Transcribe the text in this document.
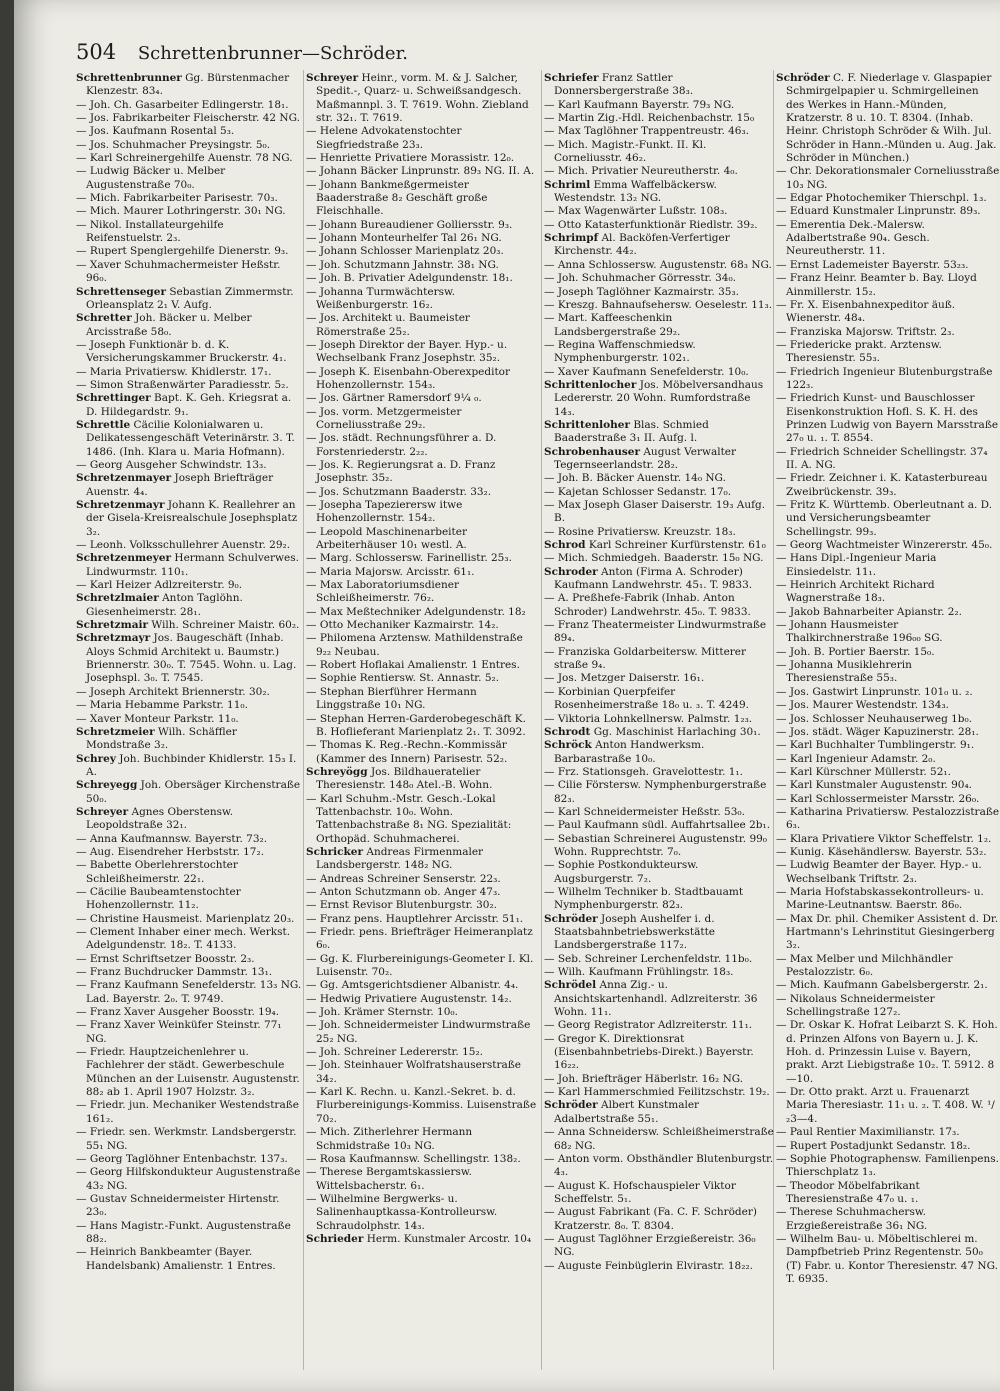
504 Schrettenbrunner—Schröder.

Schrettenbrunner Gg. Bürstenmacher Klenzestr. 83₄.

— Joh. Ch. Gasarbeiter Edlingerstr. 18₁.

— Jos. Fabrikarbeiter Fleischerstr. 42 NG.

— Jos. Kaufmann Rosental 5₃.

— Jos. Schuhmacher Preysingstr. 5₀.

— Karl Schreinergehilfe Auenstr. 78 NG.

— Ludwig Bäcker u. Melber Augustenstraße 70₀.

— Mich. Fabrikarbeiter Parisestr. 70₃.

— Mich. Maurer Lothringerstr. 30₁ NG.

— Nikol. Installateurgehilfe Reifenstuelstr. 2₃.

— Rupert Spenglergehilfe Dienerstr. 9₃.

— Xaver Schuhmachermeister Heßstr. 96₀.

Schrettenseger Sebastian Zimmermstr. Orleansplatz 2₁ V. Aufg.

Schretter Joh. Bäcker u. Melber Arcisstraße 58₀.

— Joseph Funktionär b. d. K. Versicherungskammer Bruckerstr. 4₁.

— Maria Privatiersw. Khidlerstr. 17₁.

— Simon Straßenwärter Paradiesstr. 5₂.

Schrettinger Bapt. K. Geh. Kriegsrat a. D. Hildegardstr. 9₁.

Schrettle Cäcilie Kolonialwaren u. Delikatessengeschäft Veterinärstr. 3. T. 1486. (Inh. Klara u. Maria Hofmann).

— Georg Ausgeher Schwindstr. 13₃.

Schretzenmayer Joseph Briefträger Auenstr. 4₄.

Schretzenmayr Johann K. Reallehrer an der Gisela-Kreisrealschule Josephsplatz 3₂.

— Leonh. Volksschullehrer Auenstr. 29₂.

Schretzenmeyer Hermann Schulverwes. Lindwurmstr. 110₁.

— Karl Heizer Adlzreiterstr. 9₀.

Schretzlmaier Anton Taglöhn. Giesenheimerstr. 28₁.

Schretzmair Wilh. Schreiner Maistr. 60₂.

Schretzmayr Jos. Baugeschäft (Inhab. Aloys Schmid Architekt u. Baumstr.) Briennerstr. 30₀. T. 7545. Wohn. u. Lag. Josephspl. 3₀. T. 7545.

— Joseph Architekt Briennerstr. 30₂.

— Maria Hebamme Parkstr. 11₀.

— Xaver Monteur Parkstr. 11₀.

Schretzmeier Wilh. Schäffler Mondstraße 3₂.

Schrey Joh. Buchbinder Khidlerstr. 15₃ I. A.

Schreyegg Joh. Obersäger Kirchenstraße 50₀.

Schreyer Agnes Oberstensw. Leopoldstraße 32₁.

— Anna Kaufmannsw. Bayerstr. 73₂.

— Aug. Eisendreher Herbststr. 17₂.

— Babette Oberlehrerstochter Schleißheimerstr. 22₁.

— Cäcilie Baubeamtenstochter Hohenzollernstr. 11₂.

— Christine Hausmeist. Marienplatz 20₃.

— Clement Inhaber einer mech. Werkst. Adelgundenstr. 18₂. T. 4133.

— Ernst Schriftsetzer Boosstr. 2₃.

— Franz Buchdrucker Dammstr. 13₁.

— Franz Kaufmann Senefelderstr. 13₃ NG. Lad. Bayerstr. 2₀. T. 9749.

— Franz Xaver Ausgeher Boosstr. 19₄.

— Franz Xaver Weinküfer Steinstr. 77₁ NG.

— Friedr. Hauptzeichenlehrer u. Fachlehrer der städt. Gewerbeschule München an der Luisenstr. Augustenstr. 88₂ ab 1. April 1907 Holzstr. 3₂.

— Friedr. jun. Mechaniker Westendstraße 161₂.

— Friedr. sen. Werkmstr. Landsbergerstr. 55₁ NG.

— Georg Taglöhner Entenbachstr. 137₃.

— Georg Hilfskondukteur Augustenstraße 43₂ NG.

— Gustav Schneidermeister Hirtenstr. 23₀.

— Hans Magistr.-Funkt. Augustenstraße 88₂.

— Heinrich Bankbeamter (Bayer. Handelsbank) Amalienstr. 1 Entres.

Schreyer Heinr., vorm. M. & J. Salcher, Spedit.-, Quarz- u. Schweißsandgesch. Maßmannpl. 3. T. 7619. Wohn. Ziebland str. 32₁. T. 7619.

— Helene Advokatenstochter Siegfriedstraße 23₃.

— Henriette Privatiere Morassistr. 12₀.

— Johann Bäcker Linprunstr. 89₃ NG. II. A.

— Johann Bankmeßgermeister Baaderstraße 8₂ Geschäft große Fleischhalle.

— Johann Bureaudiener Golliersstr. 9₃.

— Johann Monteurhelfer Tal 26₁ NG.

— Johann Schlosser Marienplatz 20₃.

— Joh. Schutzmann Jahnstr. 38₁ NG.

— Joh. B. Privatier Adelgundenstr. 18₁.

— Johanna Turmwächtersw. Weißenburgerstr. 16₂.

— Jos. Architekt u. Baumeister Römerstraße 25₂.

— Joseph Direktor der Bayer. Hyp.- u. Wechselbank Franz Josephstr. 35₂.

— Joseph K. Eisenbahn-Oberexpeditor Hohenzollernstr. 154₃.

— Jos. Gärtner Ramersdorf 9¼ ₀.

— Jos. vorm. Metzgermeister Corneliusstraße 29₂.

— Jos. städt. Rechnungsführer a. D. Forstenriederstr. 2₂₂.

— Jos. K. Regierungsrat a. D. Franz Josephstr. 35₂.

— Jos. Schutzmann Baaderstr. 33₂.

— Josepha Tapezierersw itwe Hohenzollernstr. 154₂.

— Leopold Maschinenarbeiter Arbeiterhäuser 10₁ westl. A.

— Marg. Schlossersw. Farinellistr. 25₃.

— Maria Majorsw. Arcisstr. 61₁.

— Max Laboratoriumsdiener Schleißheimerstr. 76₂.

— Max Meßtechniker Adelgundenstr. 18₂

— Otto Mechaniker Kazmairstr. 14₂.

— Philomena Arztensw. Mathildenstraße 9₂₂ Neubau.

— Robert Hoflakai Amalienstr. 1 Entres.

— Sophie Rentiersw. St. Annastr. 5₂.

— Stephan Bierführer Hermann Linggstraße 10₁ NG.

— Stephan Herren-Garderobegeschäft K. B. Hoflieferant Marienplatz 2₁. T. 3092.

— Thomas K. Reg.-Rechn.-Kommissär (Kammer des Innern) Parisestr. 52₂.

Schreyögg Jos. Bildhaueratelier Theresienstr. 148₀ Atel.-B. Wohn.

— Karl Schuhm.-Mstr. Gesch.-Lokal Tattenbachstr. 10₀. Wohn. Tattenbachstraße 8₁ NG. Spezialität: Orthopäd. Schuhmacherei.

Schricker Andreas Firmenmaler Landsbergerstr. 148₂ NG.

— Andreas Schreiner Senserstr. 22₃.

— Anton Schutzmann ob. Anger 47₃.

— Ernst Revisor Blutenburgstr. 30₂.

— Franz pens. Hauptlehrer Arcisstr. 51₁.

— Friedr. pens. Briefträger Heimeranplatz 6₀.

— Gg. K. Flurbereinigungs-Geometer I. Kl. Luisenstr. 70₂.

— Gg. Amtsgerichtsdiener Albanistr. 4₄.

— Hedwig Privatiere Augustenstr. 14₂.

— Joh. Krämer Sternstr. 10₀.

— Joh. Schneidermeister Lindwurmstraße 25₂ NG.

— Joh. Schreiner Ledererstr. 15₂.

— Joh. Steinhauer Wolfratshauserstraße 34₂.

— Karl K. Rechn. u. Kanzl.-Sekret. b. d. Flurbereinigungs-Kommiss. Luisenstraße 70₂.

— Mich. Zitherlehrer Hermann Schmidstraße 10₃ NG.

— Rosa Kaufmannsw. Schellingstr. 138₂.

— Therese Bergamtskassiersw. Wittelsbacherstr. 6₁.

— Wilhelmine Bergwerks- u. Salinenhauptkassa-Kontrolleursw. Schraudolphstr. 14₃.

Schrieder Herm. Kunstmaler Arcostr. 10₄

Schriefer Franz Sattler Donnersbergerstraße 38₃.

— Karl Kaufmann Bayerstr. 79₃ NG.

— Martin Zig.-Hdl. Reichenbachstr. 15₀

— Max Taglöhner Trappentreustr. 46₃.

— Mich. Magistr.-Funkt. II. Kl. Corneliusstr. 46₂.

— Mich. Privatier Neureutherstr. 4₀.

Schriml Emma Waffelbäckersw. Westendstr. 13₂ NG.

— Max Wagenwärter Lußstr. 108₃.

— Otto Katasterfunktionär Riedlstr. 39₂.

Schrimpf Al. Backöfen-Verfertiger Kirchenstr. 44₂.

— Anna Schlossersw. Augustenstr. 68₃ NG.

— Joh. Schuhmacher Görresstr. 34₀.

— Joseph Taglöhner Kazmairstr. 35₃.

— Kreszg. Bahnaufsehersw. Oeselestr. 11₃.

— Mart. Kaffeeschenkin Landsbergerstraße 29₂.

— Regina Waffenschmiedsw. Nymphenburgerstr. 102₁.

— Xaver Kaufmann Senefelderstr. 10₀.

Schrittenlocher Jos. Möbelversandhaus Ledererstr. 20 Wohn. Rumfordstraße 14₃.

Schrittenloher Blas. Schmied Baaderstraße 3₁ II. Aufg. l.

Schrobenhauser August Verwalter Tegernseerlandstr. 28₂.

— Joh. B. Bäcker Auenstr. 14₀ NG.

— Kajetan Schlosser Sedanstr. 17₀.

— Max Joseph Glaser Daiserstr. 19₃ Aufg. B.

— Rosine Privatiersw. Kreuzstr. 18₃.

Schrod Karl Schreiner Kurfürstenstr. 61₀

— Mich. Schmiedgeh. Baaderstr. 15₀ NG.

Schroder Anton (Firma A. Schroder) Kaufmann Landwehrstr. 45₁. T. 9833.

— A. Preßhefe-Fabrik (Inhab. Anton Schroder) Landwehrstr. 45₀. T. 9833.

— Franz Theatermeister Lindwurmstraße 89₄.

— Franziska Goldarbeitersw. Mitterer straße 9₄.

— Jos. Metzger Daiserstr. 16₁.

— Korbinian Querpfeifer Rosenheimerstraße 18₀ u. ₃. T. 4249.

— Viktoria Lohnkellnersw. Palmstr. 1₂₃.

Schrodt Gg. Maschinist Harlaching 30₁.

Schröck Anton Handwerksm. Barbarastraße 10₀.

— Frz. Stationsgeh. Gravelottestr. 1₁.

— Cilie Förstersw. Nymphenburgerstraße 82₃.

— Karl Schneidermeister Heßstr. 53₀.

— Paul Kaufmann südl. Auffahrtsallee 2b₁.

— Sebastian Schreinerei Augustenstr. 99₀ Wohn. Rupprechtstr. 7₀.

— Sophie Postkondukteursw. Augsburgerstr. 7₂.

— Wilhelm Techniker b. Stadtbauamt Nymphenburgerstr. 82₃.

Schröder Joseph Aushelfer i. d. Staatsbahnbetriebswerkstätte Landsbergerstraße 117₂.

— Seb. Schreiner Lerchenfeldstr. 11b₀.

— Wilh. Kaufmann Frühlingstr. 18₃.

Schrödel Anna Zig.- u. Ansichtskartenhandl. Adlzreiterstr. 36 Wohn. 11₁.

— Georg Registrator Adlzreiterstr. 11₁.

— Gregor K. Direktionsrat (Eisenbahnbetriebs-Direkt.) Bayerstr. 16₂₂.

— Joh. Briefträger Häberlstr. 16₂ NG.

— Karl Hammerschmied Feilitzschstr. 19₂.

Schröder Albert Kunstmaler Adalbertstraße 55₁.

— Anna Schneidersw. Schleißheimerstraße 68₂ NG.

— Anton vorm. Obsthändler Blutenburgstr. 4₃.

— August K. Hofschauspieler Viktor Scheffelstr. 5₁.

— August Fabrikant (Fa. C. F. Schröder) Kratzerstr. 8₀. T. 8304.

— August Taglöhner Erzgießereistr. 36₀ NG.

— Auguste Feinbüglerin Elvirastr. 18₂₂.

Schröder C. F. Niederlage v. Glaspapier Schmirgelpapier u. Schmirgelleinen des Werkes in Hann.-Münden, Kratzerstr. 8 u. 10. T. 8304. (Inhab. Heinr. Christoph Schröder & Wilh. Jul. Schröder in Hann.-Münden u. Aug. Jak. Schröder in München.)

— Chr. Dekorationsmaler Corneliusstraße 10₃ NG.

— Edgar Photochemiker Thierschpl. 1₃.

— Eduard Kunstmaler Linprunstr. 89₃.

— Emerentia Dek.-Malersw. Adalbertstraße 90₄. Gesch. Neureutherstr. 11.

— Ernst Lademeister Bayerstr. 53₂₃.

— Franz Heinr. Beamter b. Bay. Lloyd Ainmillerstr. 15₂.

— Fr. X. Eisenbahnexpeditor äuß. Wienerstr. 48₄.

— Franziska Majorsw. Triftstr. 2₃.

— Friedericke prakt. Arztensw. Theresienstr. 55₃.

— Friedrich Ingenieur Blutenburgstraße 122₃.

— Friedrich Kunst- und Bauschlosser Eisenkonstruktion Hofl. S. K. H. des Prinzen Ludwig von Bayern Marsstraße 27₀ u. ₁. T. 8554.

— Friedrich Schneider Schellingstr. 37₄ II. A. NG.

— Friedr. Zeichner i. K. Katasterbureau Zweibrückenstr. 39₃.

— Fritz K. Württemb. Oberleutnant a. D. und Versicherungsbeamter Schellingstr. 99₃.

— Georg Wachtmeister Winzererstr. 45₀.

— Hans Dipl.-Ingenieur Maria Einsiedelstr. 11₁.

— Heinrich Architekt Richard Wagnerstraße 18₃.

— Jakob Bahnarbeiter Apianstr. 2₂.

— Johann Hausmeister Thalkirchnerstraße 196₀₀ SG.

— Joh. B. Portier Baerstr. 15₀.

— Johanna Musiklehrerin Theresienstraße 55₃.

— Jos. Gastwirt Linprunstr. 101₀ u. ₂.

— Jos. Maurer Westendstr. 134₃.

— Jos. Schlosser Neuhauserweg 1b₀.

— Jos. städt. Wäger Kapuzinerstr. 28₁.

— Karl Buchhalter Tumblingerstr. 9₁.

— Karl Ingenieur Adamstr. 2₀.

— Karl Kürschner Müllerstr. 52₁.

— Karl Kunstmaler Augustenstr. 90₄.

— Karl Schlossermeister Marsstr. 26₀.

— Katharina Privatiersw. Pestalozzistraße 6₃.

— Klara Privatiere Viktor Scheffelstr. 1₂.

— Kunig. Käsehändlersw. Bayerstr. 53₂.

— Ludwig Beamter der Bayer. Hyp.- u. Wechselbank Triftstr. 2₃.

— Maria Hofstabskassekontrolleurs- u. Marine-Leutnantsw. Baerstr. 86₀.

— Max Dr. phil. Chemiker Assistent d. Dr. Hartmann's Lehrinstitut Giesingerberg 3₂.

— Max Melber und Milchhändler Pestalozzistr. 6₀.

— Mich. Kaufmann Gabelsbergerstr. 2₁.

— Nikolaus Schneidermeister Schellingstraße 127₂.

— Dr. Oskar K. Hofrat Leibarzt S. K. Hoh. d. Prinzen Alfons von Bayern u. J. K. Hoh. d. Prinzessin Luise v. Bayern, prakt. Arzt Liebigstraße 10₂. T. 5912. 8—10.

— Dr. Otto prakt. Arzt u. Frauenarzt Maria Theresiastr. 11₁ u. ₂. T. 408. W. ¹/₂3—4.

— Paul Rentier Maximilianstr. 17₃.

— Rupert Postadjunkt Sedanstr. 18₂.

— Sophie Photographensw. Familienpens. Thierschplatz 1₃.

— Theodor Möbelfabrikant Theresienstraße 47₀ u. ₁.

— Therese Schuhmachersw. Erzgießereistraße 36₁ NG.

— Wilhelm Bau- u. Möbeltischlerei m. Dampfbetrieb Prinz Regentenstr. 50₀ (T) Fabr. u. Kontor Theresienstr. 47 NG. T. 6935.
